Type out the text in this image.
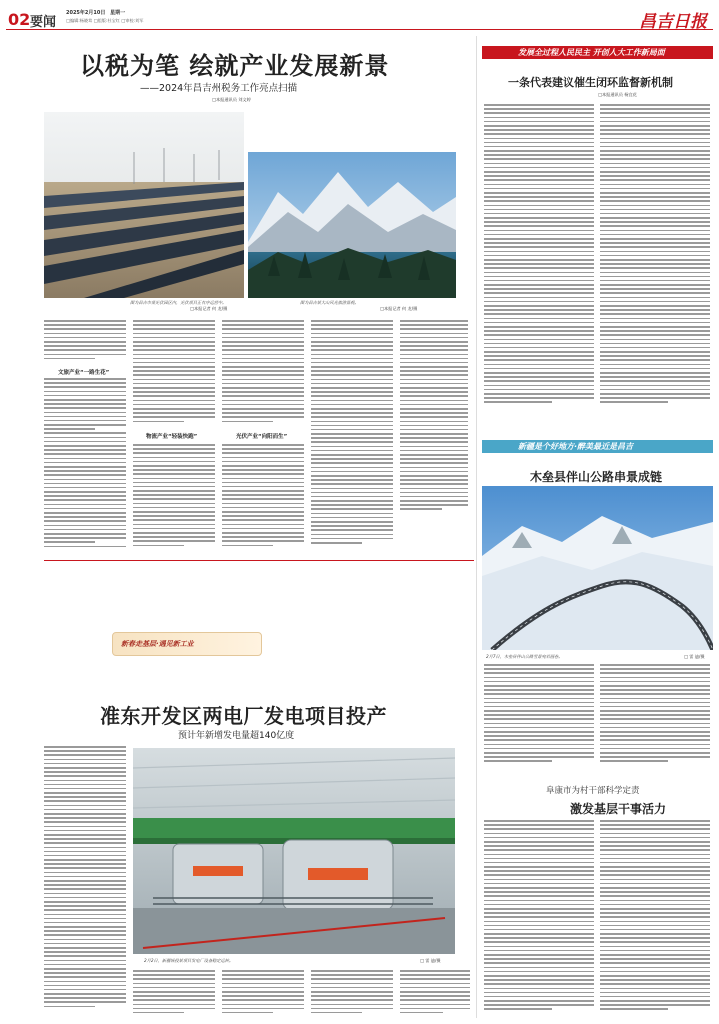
02 要闻
2025年2月10日 星期一
□编辑:杨晓茸 □组版:杜宝红 □审校:刘军	昌吉日报
以税为笔 绘就产业发展新景
——2024年昌吉州税务工作亮点扫描
□本报通讯员 刘文婷
图为昌吉市某光伏园区内，光伏项目正有序运营中。	图为昌吉某大山风光旅游景观。
□本报记者 何 龙/摄	□本报记者 何 龙/摄
文旅产业“一路生花”
物流产业“轻装快跑”	光伏产业“向阳而生”
新春走基层·遇见新工业
准东开发区两电厂发电项目投产
预计年新增发电量超140亿度
2月2日，新疆城投某项目发电厂设备稳定运转。	□ 雷 迪/摄
发展全过程人民民主 开创人大工作新局面
一条代表建议催生闭环监督新机制
□本报通讯员 杨宜花
新疆是个好地方·醉美最近是昌吉
木垒县伴山公路串景成链
2月7日，木垒县伴山公路雪景宛若画卷。	□ 雷 迪/摄
阜康市为村干部科学定责
激发基层干事活力
